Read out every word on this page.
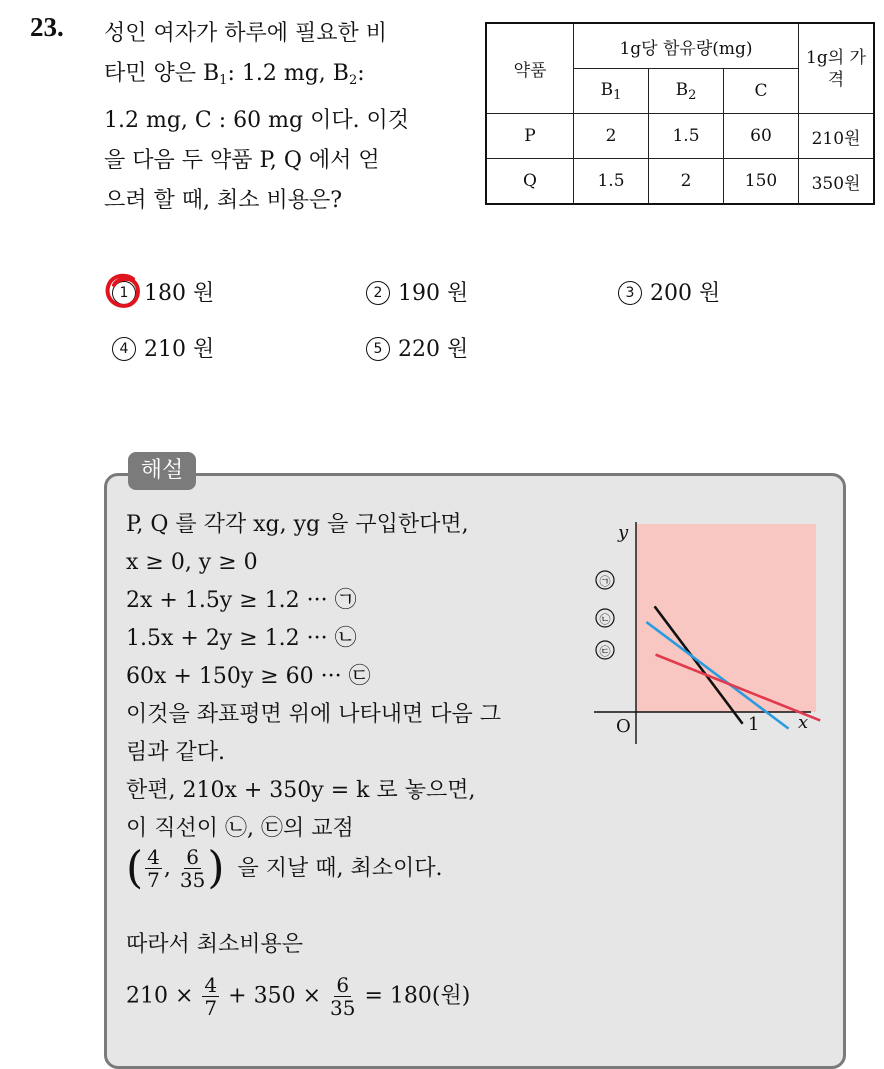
23. 성인 여자가 하루에 필요한 비
타민 양은 $B_1$: 1.2 mg, $B_2$:
1.2 mg, C : 60 mg 이다. 이것
을 다음 두 약품 P, Q 에서 얻
으려 할 때, 최소 비용은?
약품	1g당 함유량(mg)			1g의 가격
	$B_1$	$B_2$	C	
P	2	1.5	60	210원
Q	1.5	2	150	350원
1 180 원	2 190 원	3 200 원
4 210 원	5 220 원
해설
P, Q 를 각각 xg, yg 을 구입한다면,
x ≥ 0, y ≥ 0
2x + 1.5y ≥ 1.2 ··· ㉠
1.5x + 2y ≥ 1.2 ··· ㉡
60x + 150y ≥ 60 ··· ㉢
이것을 좌표평면 위에 나타내면 다음 그
림과 같다.
한편, 210x + 350y = k 로 놓으면,
이 직선이 ㉡, ㉢의 교점
( $\frac{4}{7}$ , $\frac{6}{35}$ ) 을 지날 때, 최소이다.
따라서 최소비용은
$210 \times \frac{4}{7} + 350 \times \frac{6}{35} = 180$(원)
y
x
O	1
㉠
㉡
㉢
